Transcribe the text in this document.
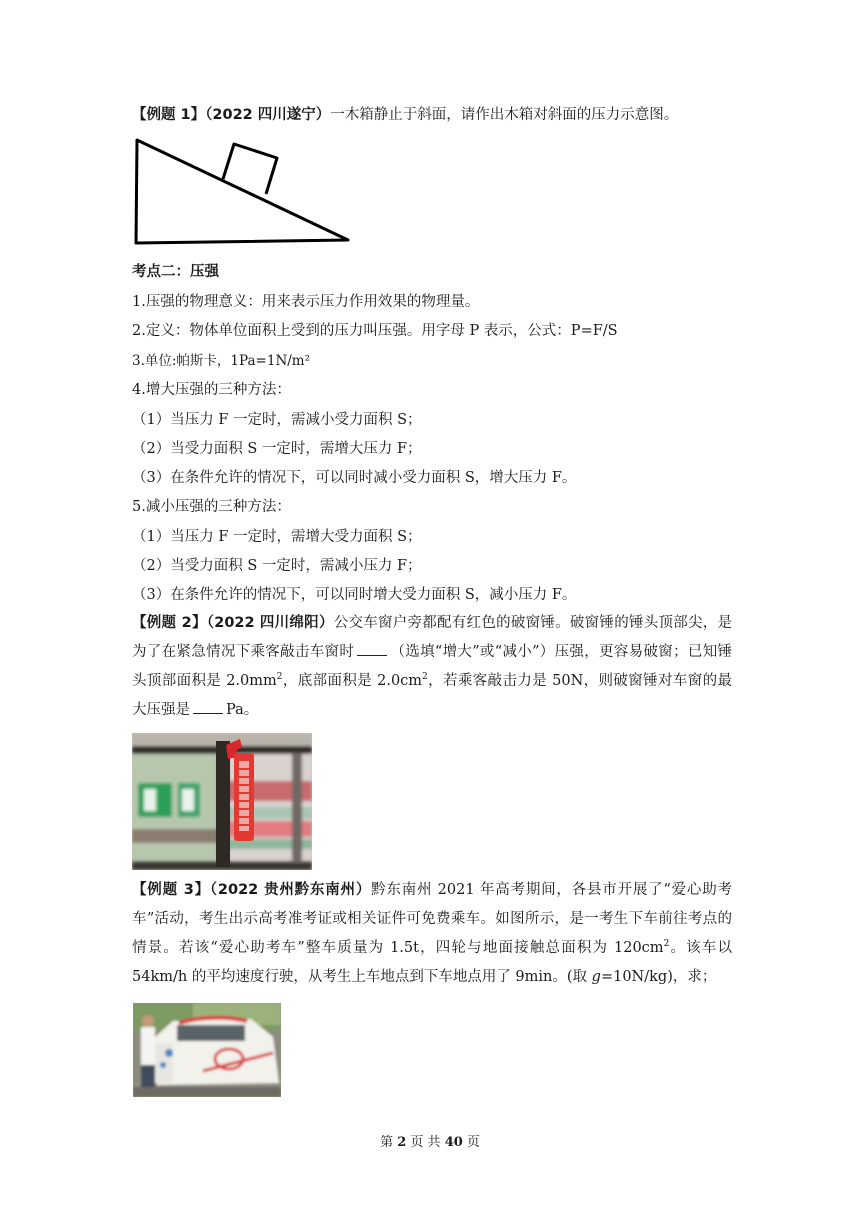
【例题 1】（2022 四川遂宁）一木箱静止于斜面，请作出木箱对斜面的压力示意图。
考点二：压强
1.压强的物理意义：用来表示压力作用效果的物理量。
2.定义：物体单位面积上受到的压力叫压强。用字母 P 表示，公式：P=F/S
3.单位:帕斯卡，1Pa=1N/m²
4.增大压强的三种方法：
（1）当压力 F 一定时，需减小受力面积 S；
（2）当受力面积 S 一定时，需增大压力 F；
（3）在条件允许的情况下，可以同时减小受力面积 S，增大压力 F。
5.减小压强的三种方法：
（1）当压力 F 一定时，需增大受力面积 S；
（2）当受力面积 S 一定时，需减小压力 F；
（3）在条件允许的情况下，可以同时增大受力面积 S，减小压力 F。
【例题 2】（2022 四川绵阳）公交车窗户旁都配有红色的破窗锤。破窗锤的锤头顶部尖，是为了在紧急情况下乘客敲击车窗时 （选填“增大”或“减小”）压强，更容易破窗；已知锤头顶部面积是 $2.0mm^2$，底部面积是 $2.0cm^2$，若乘客敲击力是 50N，则破窗锤对车窗的最大压强是 Pa。
【例题 3】（2022 贵州黔东南州）黔东南州 2021 年高考期间，各县市开展了“爱心助考车”活动，考生出示高考准考证或相关证件可免费乘车。如图所示，是一考生下车前往考点的情景。若该“爱心助考车”整车质量为 1.5t，四轮与地面接触总面积为 $120cm^2$。该车以 54km/h 的平均速度行驶，从考生上车地点到下车地点用了 9min。(取 g=10N/kg)，求；
第 2 页 共 40 页
